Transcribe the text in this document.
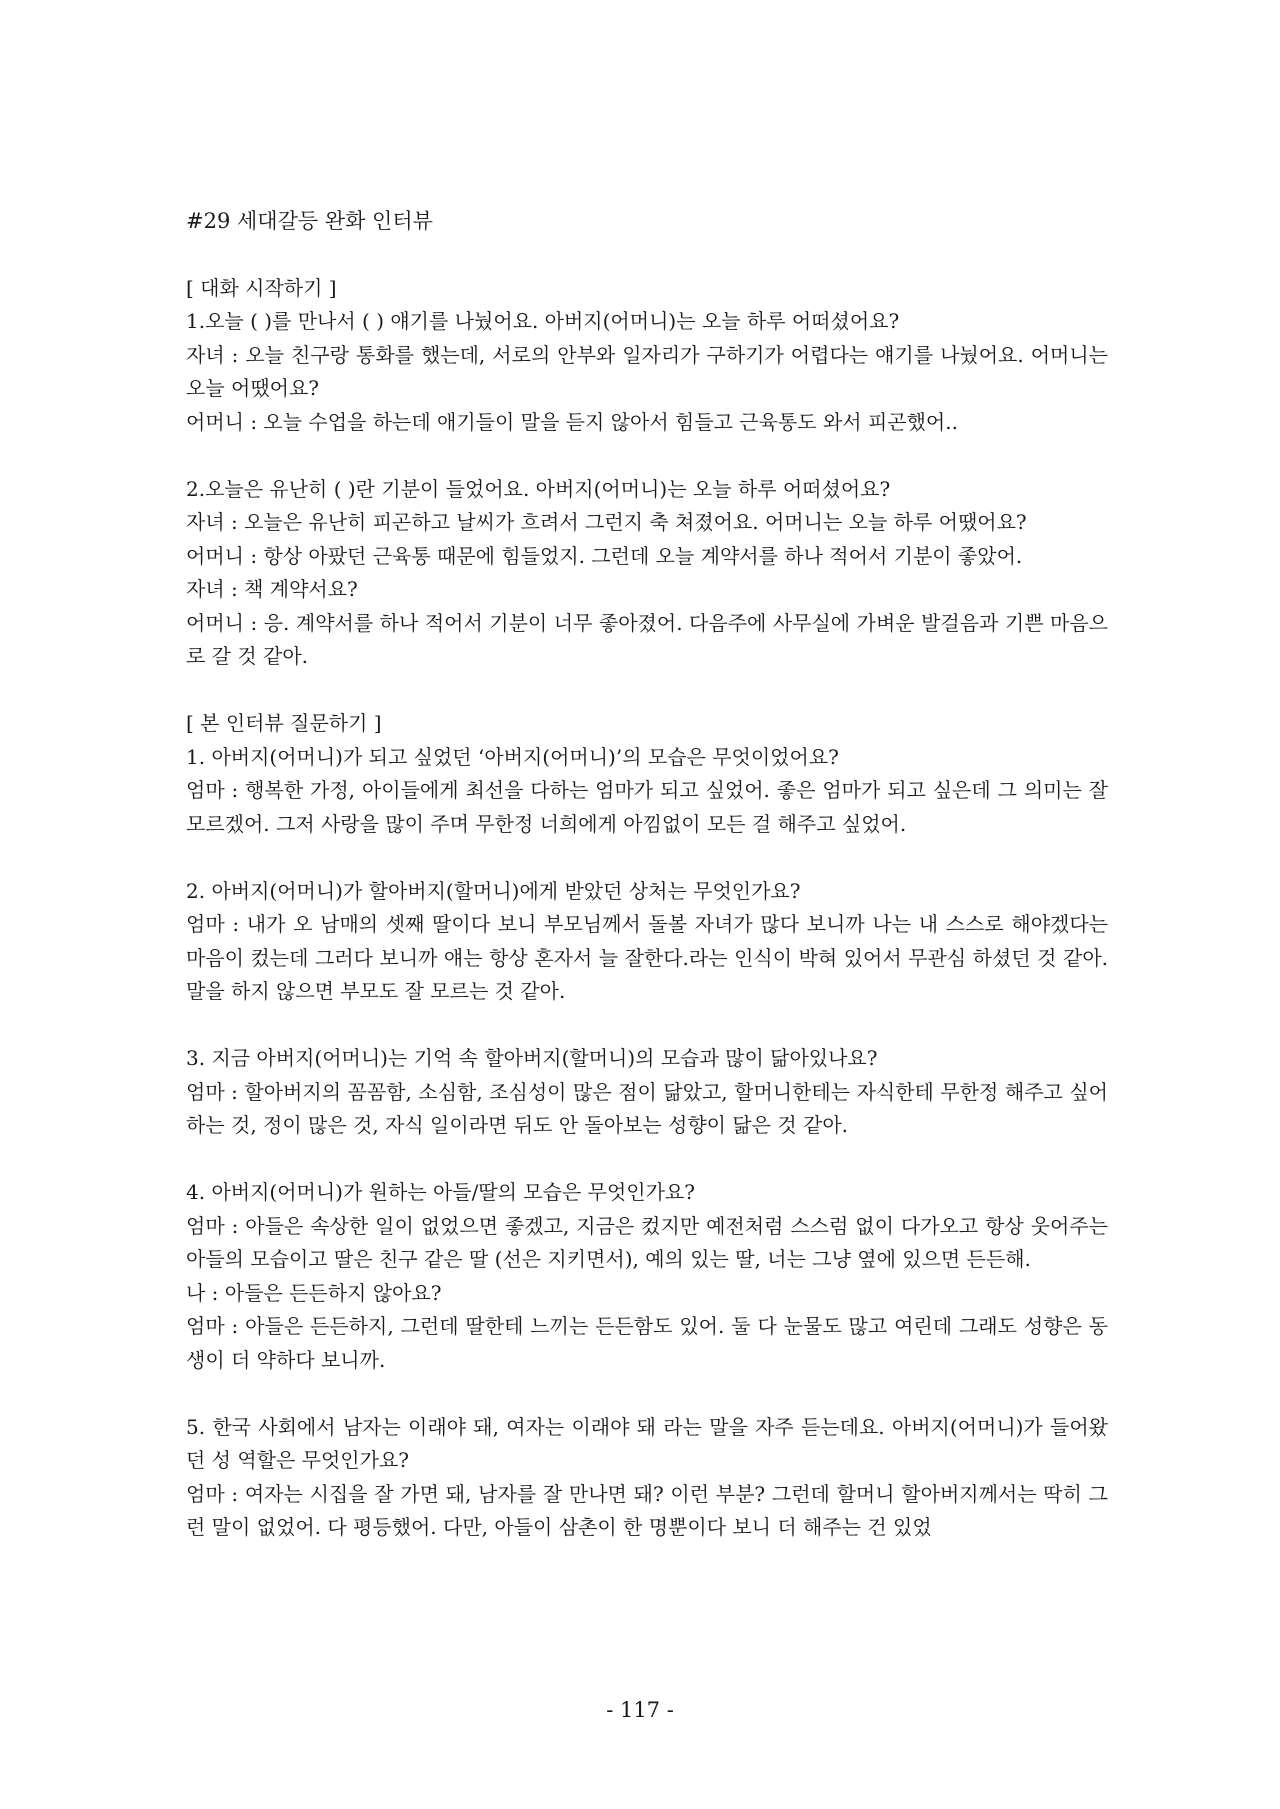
#29 세대갈등 완화 인터뷰

[ 대화 시작하기 ]

1.오늘 ( )를 만나서 ( ) 얘기를 나눴어요. 아버지(어머니)는 오늘 하루 어떠셨어요?

자녀 : 오늘 친구랑 통화를 했는데, 서로의 안부와 일자리가 구하기가 어렵다는 얘기를 나눴어요. 어머니는 오늘 어땠어요?

어머니 : 오늘 수업을 하는데 애기들이 말을 듣지 않아서 힘들고 근육통도 와서 피곤했어..

2.오늘은 유난히 ( )란 기분이 들었어요. 아버지(어머니)는 오늘 하루 어떠셨어요?

자녀 : 오늘은 유난히 피곤하고 날씨가 흐려서 그런지 축 쳐졌어요. 어머니는 오늘 하루 어땠어요?

어머니 : 항상 아팠던 근육통 때문에 힘들었지. 그런데 오늘 계약서를 하나 적어서 기분이 좋았어.

자녀 : 책 계약서요?

어머니 : 응. 계약서를 하나 적어서 기분이 너무 좋아졌어. 다음주에 사무실에 가벼운 발걸음과 기쁜 마음으로 갈 것 같아.

[ 본 인터뷰 질문하기 ]

1. 아버지(어머니)가 되고 싶었던 ‘아버지(어머니)’의 모습은 무엇이었어요?

엄마 : 행복한 가정, 아이들에게 최선을 다하는 엄마가 되고 싶었어. 좋은 엄마가 되고 싶은데 그 의미는 잘 모르겠어. 그저 사랑을 많이 주며 무한정 너희에게 아낌없이 모든 걸 해주고 싶었어.

2. 아버지(어머니)가 할아버지(할머니)에게 받았던 상처는 무엇인가요?

엄마 : 내가 오 남매의 셋째 딸이다 보니 부모님께서 돌볼 자녀가 많다 보니까 나는 내 스스로 해야겠다는 마음이 컸는데 그러다 보니까 얘는 항상 혼자서 늘 잘한다.라는 인식이 박혀 있어서 무관심 하셨던 것 같아. 말을 하지 않으면 부모도 잘 모르는 것 같아.

3. 지금 아버지(어머니)는 기억 속 할아버지(할머니)의 모습과 많이 닮아있나요?

엄마 : 할아버지의 꼼꼼함, 소심함, 조심성이 많은 점이 닮았고, 할머니한테는 자식한테 무한정 해주고 싶어하는 것, 정이 많은 것, 자식 일이라면 뒤도 안 돌아보는 성향이 닮은 것 같아.

4. 아버지(어머니)가 원하는 아들/딸의 모습은 무엇인가요?

엄마 : 아들은 속상한 일이 없었으면 좋겠고, 지금은 컸지만 예전처럼 스스럼 없이 다가오고 항상 웃어주는 아들의 모습이고 딸은 친구 같은 딸 (선은 지키면서), 예의 있는 딸, 너는 그냥 옆에 있으면 든든해.

나 : 아들은 든든하지 않아요?

엄마 : 아들은 든든하지, 그런데 딸한테 느끼는 든든함도 있어. 둘 다 눈물도 많고 여린데 그래도 성향은 동생이 더 약하다 보니까.

5. 한국 사회에서 남자는 이래야 돼, 여자는 이래야 돼 라는 말을 자주 듣는데요. 아버지(어머니)가 들어왔던 성 역할은 무엇인가요?

엄마 : 여자는 시집을 잘 가면 돼, 남자를 잘 만나면 돼? 이런 부분? 그런데 할머니 할아버지께서는 딱히 그런 말이 없었어. 다 평등했어. 다만, 아들이 삼촌이 한 명뿐이다 보니 더 해주는 건 있었

- 117 -
